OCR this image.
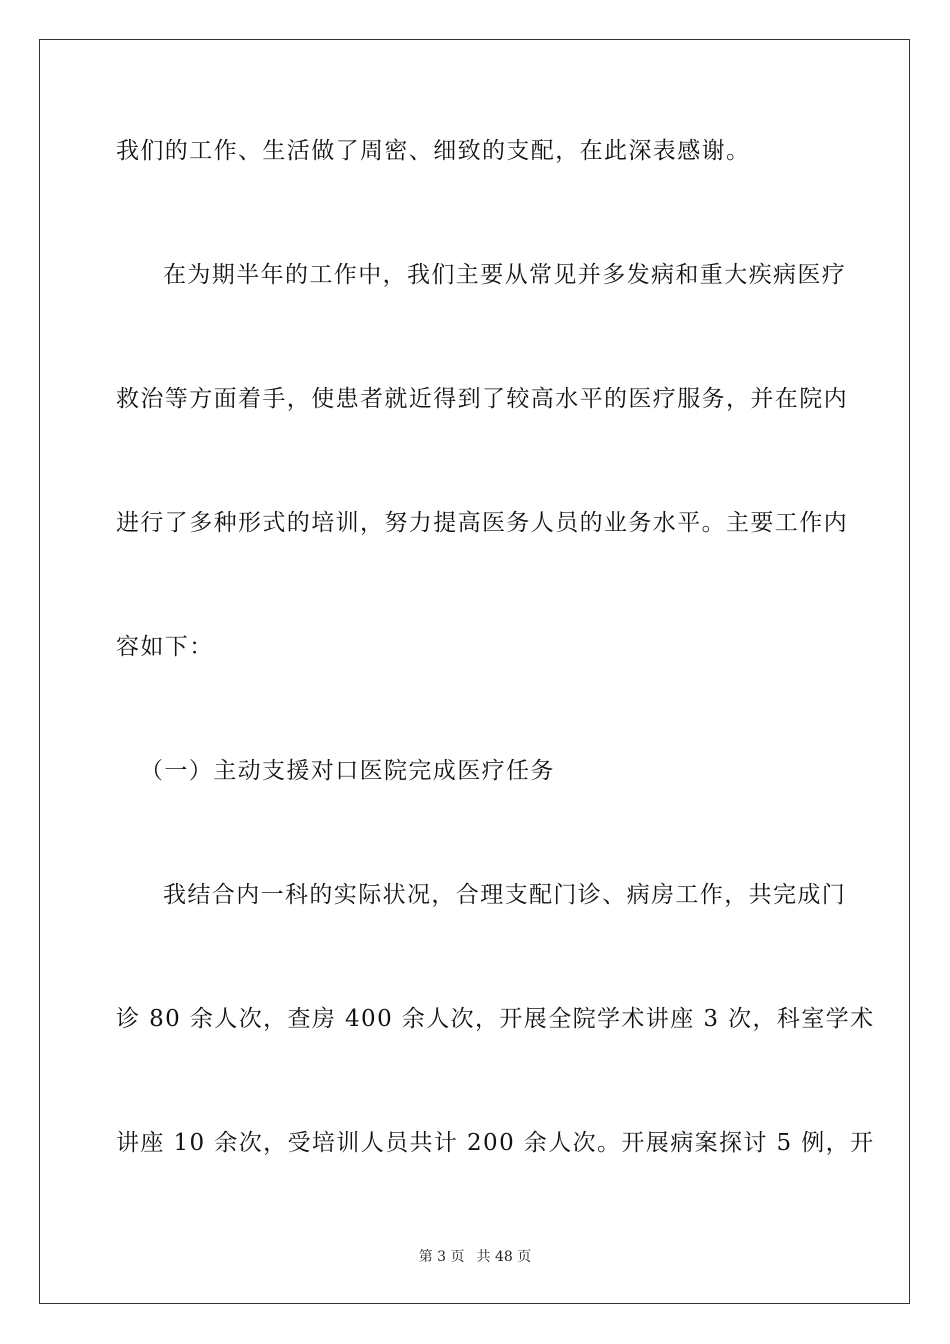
我们的工作、生活做了周密、细致的支配，在此深表感谢。
在为期半年的工作中，我们主要从常见并多发病和重大疾病医疗
救治等方面着手，使患者就近得到了较高水平的医疗服务，并在院内
进行了多种形式的培训，努力提高医务人员的业务水平。主要工作内
容如下：
（一）主动支援对口医院完成医疗任务
我结合内一科的实际状况，合理支配门诊、病房工作，共完成门
诊 80 余人次，查房 400 余人次，开展全院学术讲座 3 次，科室学术
讲座 10 余次，受培训人员共计 200 余人次。开展病案探讨 5 例，开
第 3 页 共 48 页
